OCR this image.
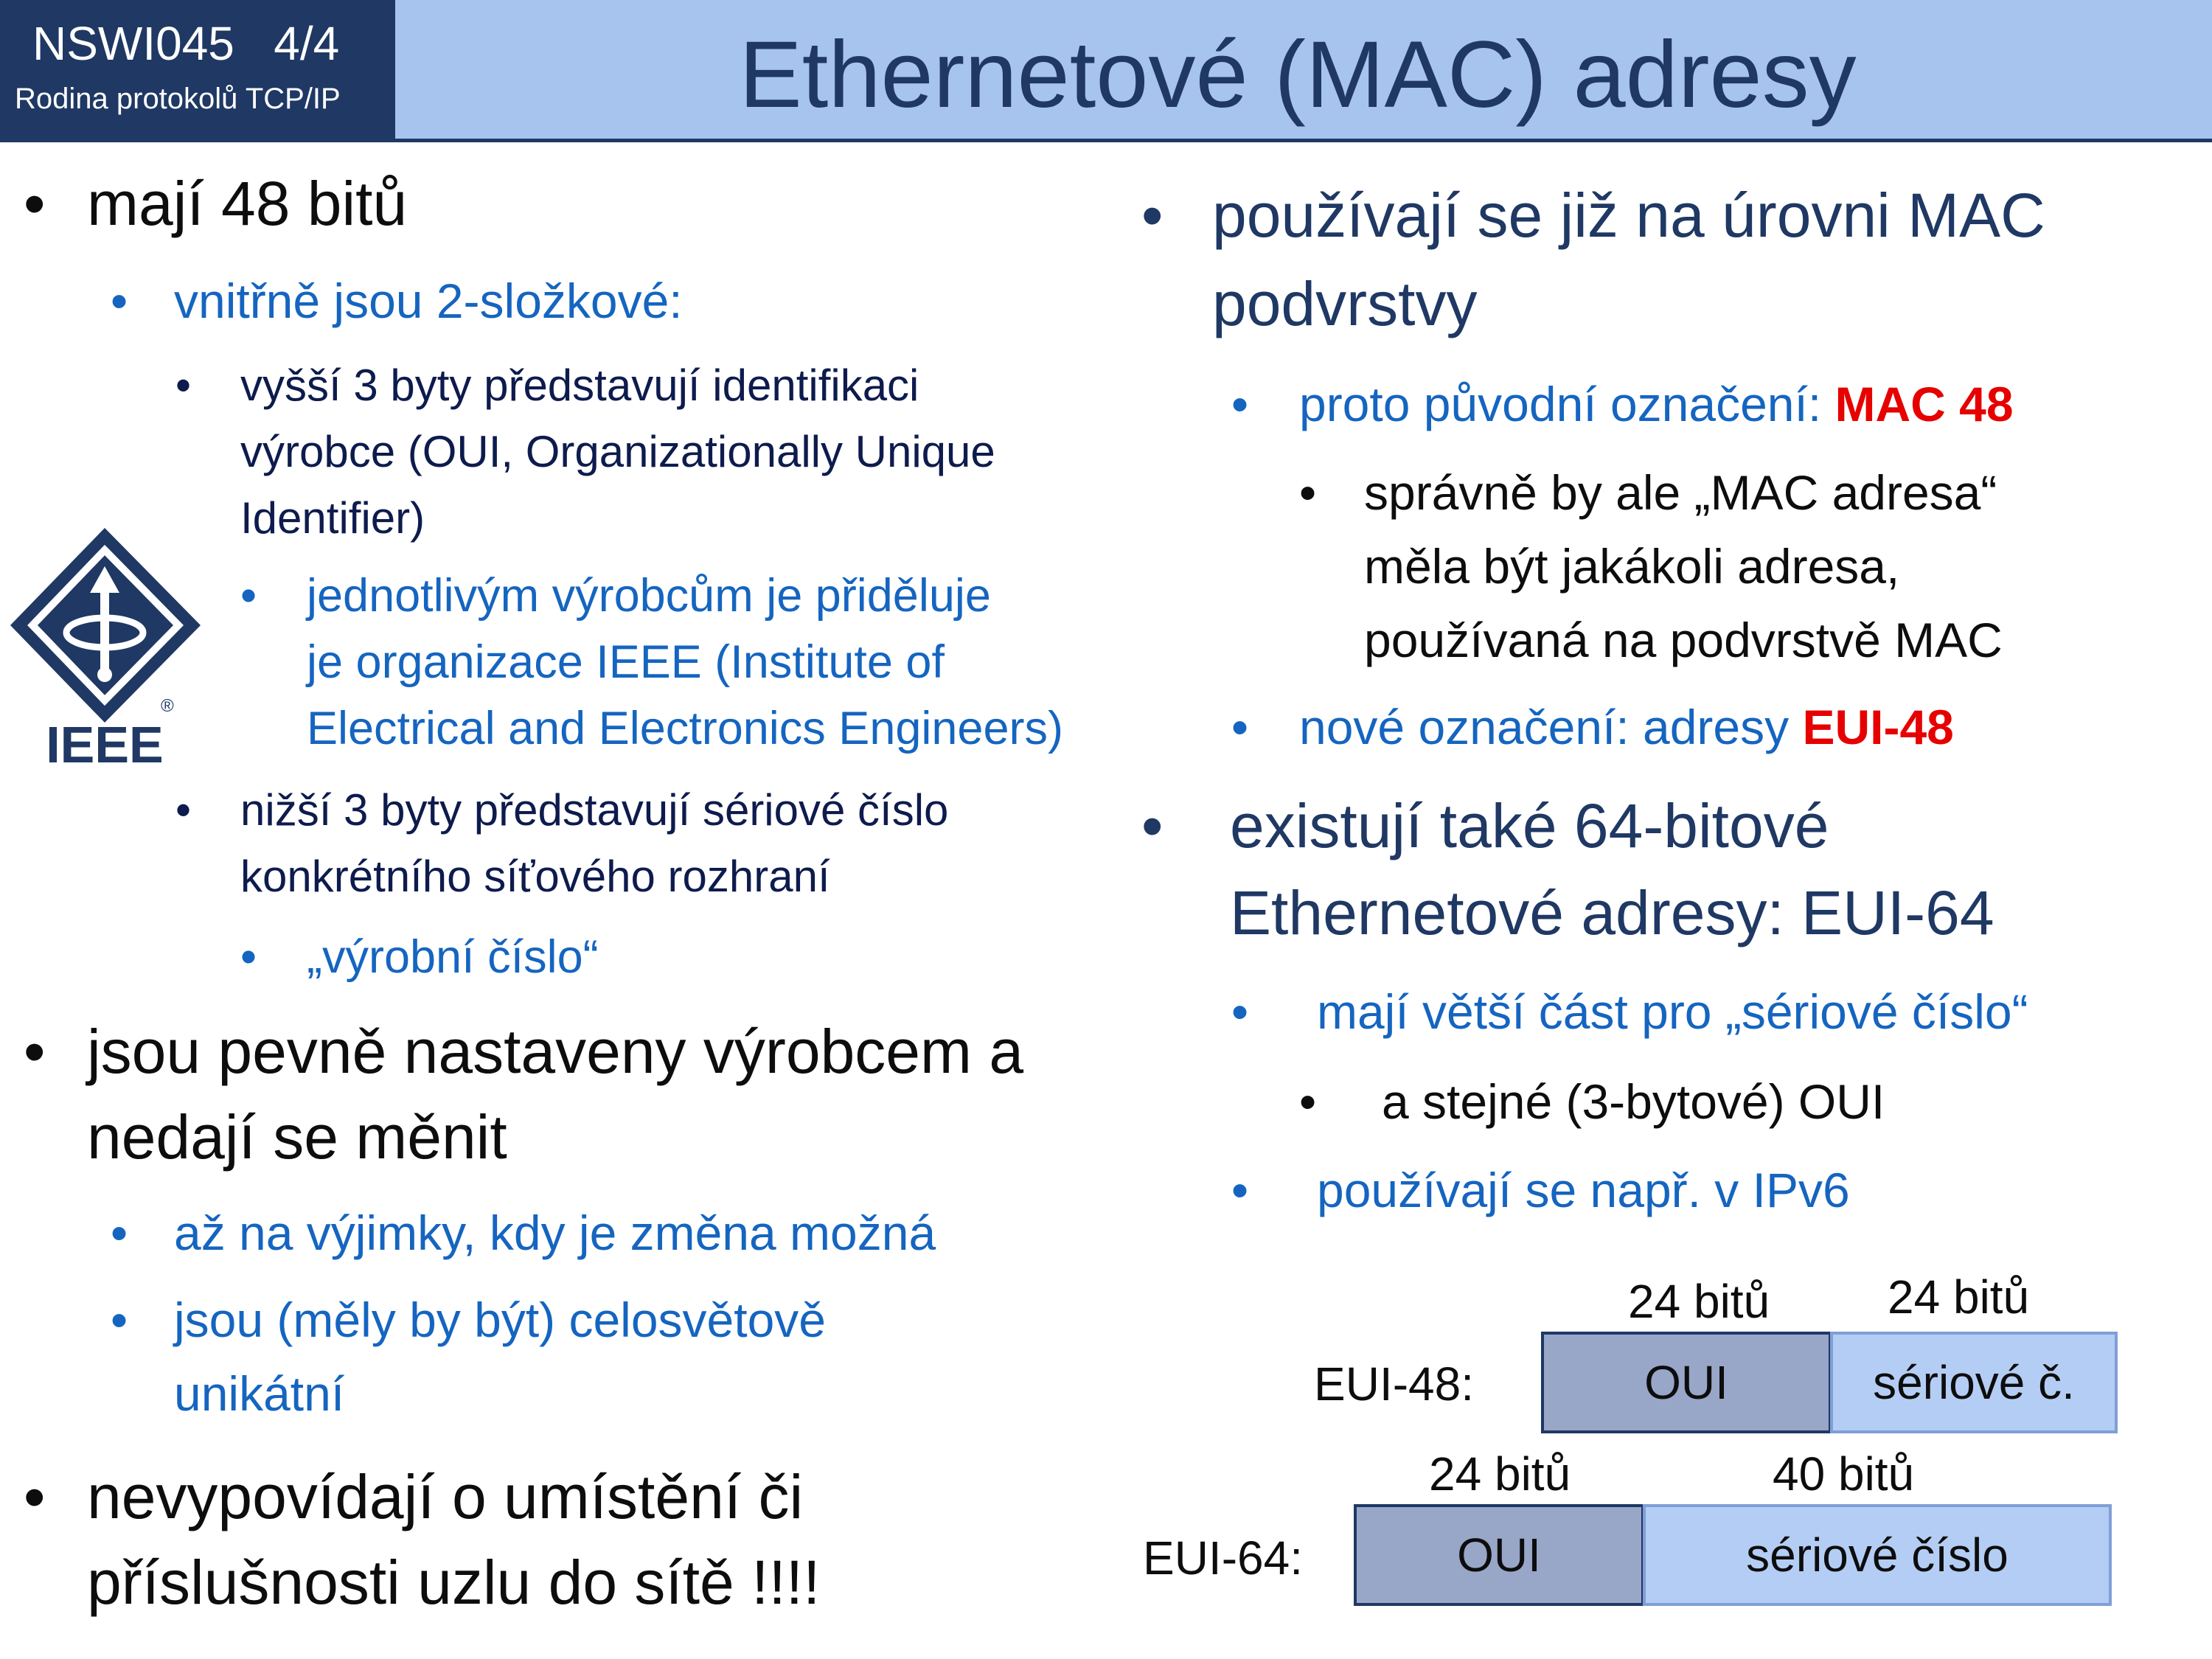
NSWI045   4/4
Rodina protokolů TCP/IP	Ethernetové (MAC) adresy
• mají 48 bitů
• vnitřně jsou 2-složkové:
• vyšší 3 byty představují identifikaci
výrobce (OUI, Organizationally Unique
Identifier)
• jednotlivým výrobcům je přiděluje
je organizace IEEE (Institute of
Electrical and Electronics Engineers)
• nižší 3 byty představují sériové číslo
konkrétního síťového rozhraní
• „výrobní číslo“
• jsou pevně nastaveny výrobcem a
nedají se měnit
• až na výjimky, kdy je změna možná
• jsou (měly by být) celosvětově
unikátní
• nevypovídají o umístění či
příslušnosti uzlu do sítě !!!!
®
IEEE
• používají se již na úrovni MAC
podvrstvy
• proto původní označení: MAC 48
• správně by ale „MAC adresa“
měla být jakákoli adresa,
používaná na podvrstvě MAC
• nové označení: adresy EUI-48
• existují také 64-bitové
Ethernetové adresy: EUI-64
• mají větší část pro „sériové číslo“
• a stejné (3-bytové) OUI
• používají se např. v IPv6
24 bitů 24 bitů
EUI-48:	OUI	sériové č.
24 bitů	40 bitů
EUI-64:	OUI	sériové číslo
